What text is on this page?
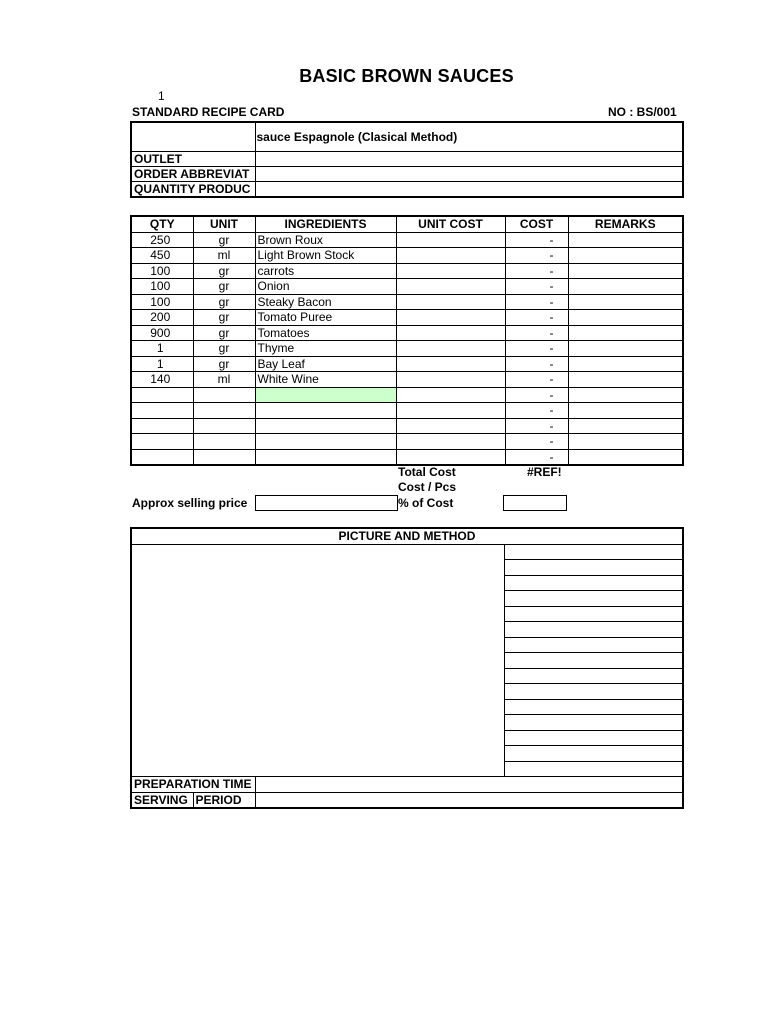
BASIC BROWN SAUCES
1
STANDARD RECIPE CARD	NO : BS/001
	sauce Espagnole (Clasical Method)
OUTLET	
ORDER ABBREVIAT	
QUANTITY PRODUC	
QTY	UNIT	INGREDIENTS	UNIT COST	COST	REMARKS
250	gr	Brown Roux		-	
450	ml	Light Brown Stock		-	
100	gr	carrots		-	
100	gr	Onion		-	
100	gr	Steaky Bacon		-	
200	gr	Tomato Puree		-	
900	gr	Tomatoes		-	
1	gr	Thyme		-	
1	gr	Bay Leaf		-	
140	ml	White Wine		-	
				-	
				-	
				-	
				-	
				-	
Total Cost	#REF!
Cost / Pcs
Approx selling price	% of Cost
PICTURE AND METHOD			

PREPARATION TIME			
SERVING	PERIOD		
